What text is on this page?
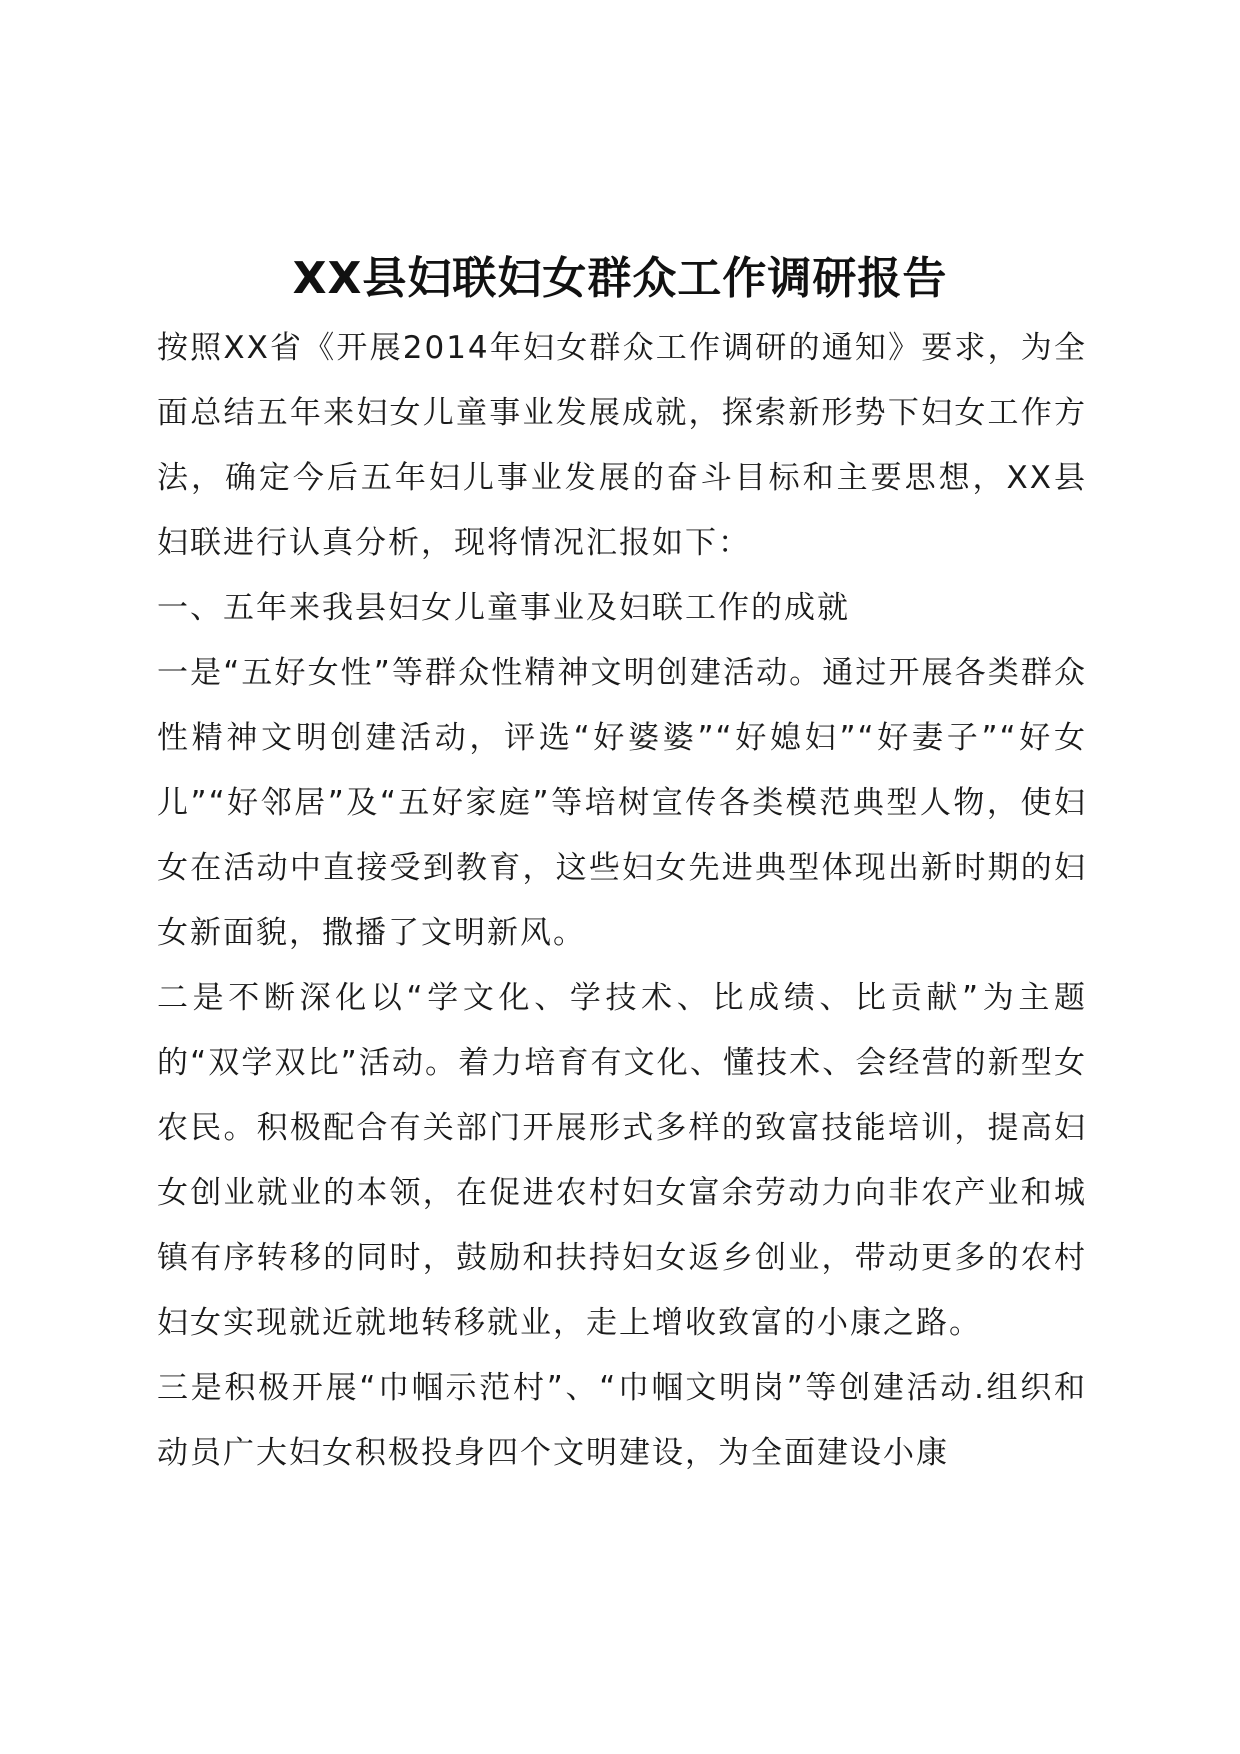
XX县妇联妇女群众工作调研报告

按照XX省《开展2014年妇女群众工作调研的通知》要求，为全面总结五年来妇女儿童事业发展成就，探索新形势下妇女工作方法，确定今后五年妇儿事业发展的奋斗目标和主要思想，XX县妇联进行认真分析，现将情况汇报如下：

一、五年来我县妇女儿童事业及妇联工作的成就

一是“五好女性”等群众性精神文明创建活动。通过开展各类群众性精神文明创建活动，评选“好婆婆”“好媳妇”“好妻子”“好女儿”“好邻居”及“五好家庭”等培树宣传各类模范典型人物，使妇女在活动中直接受到教育，这些妇女先进典型体现出新时期的妇女新面貌，撒播了文明新风。

二是不断深化以“学文化、学技术、比成绩、比贡献”为主题的“双学双比”活动。着力培育有文化、懂技术、会经营的新型女农民。积极配合有关部门开展形式多样的致富技能培训，提高妇女创业就业的本领，在促进农村妇女富余劳动力向非农产业和城镇有序转移的同时，鼓励和扶持妇女返乡创业，带动更多的农村妇女实现就近就地转移就业，走上增收致富的小康之路。

三是积极开展“巾帼示范村”、“巾帼文明岗”等创建活动.组织和动员广大妇女积极投身四个文明建设，为全面建设小康
